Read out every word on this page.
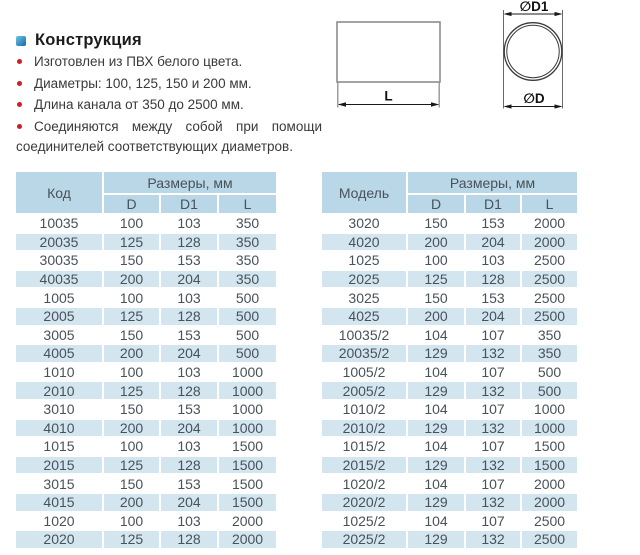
Конструкция

Изготовлен из ПВХ белого цвета.

Диаметры: 100, 125, 150 и 200 мм.

Длина канала от 350 до 2500 мм.

Соединяются между собой при помощи соединителей соответствующих диаметров.

L
∅D1
∅D
Код	Размеры, мм		
	D	D1	L
10035	100	103	350
20035	125	128	350
30035	150	153	350
40035	200	204	350
1005	100	103	500
2005	125	128	500
3005	150	153	500
4005	200	204	500
1010	100	103	1000
2010	125	128	1000
3010	150	153	1000
4010	200	204	1000
1015	100	103	1500
2015	125	128	1500
3015	150	153	1500
4015	200	204	1500
1020	100	103	2000
2020	125	128	2000
Модель	Размеры, мм		
	D	D1	L
3020	150	153	2000
4020	200	204	2000
1025	100	103	2500
2025	125	128	2500
3025	150	153	2500
4025	200	204	2500
10035/2	104	107	350
20035/2	129	132	350
1005/2	104	107	500
2005/2	129	132	500
1010/2	104	107	1000
2010/2	129	132	1000
1015/2	104	107	1500
2015/2	129	132	1500
1020/2	104	107	2000
2020/2	129	132	2000
1025/2	104	107	2500
2025/2	129	132	2500
